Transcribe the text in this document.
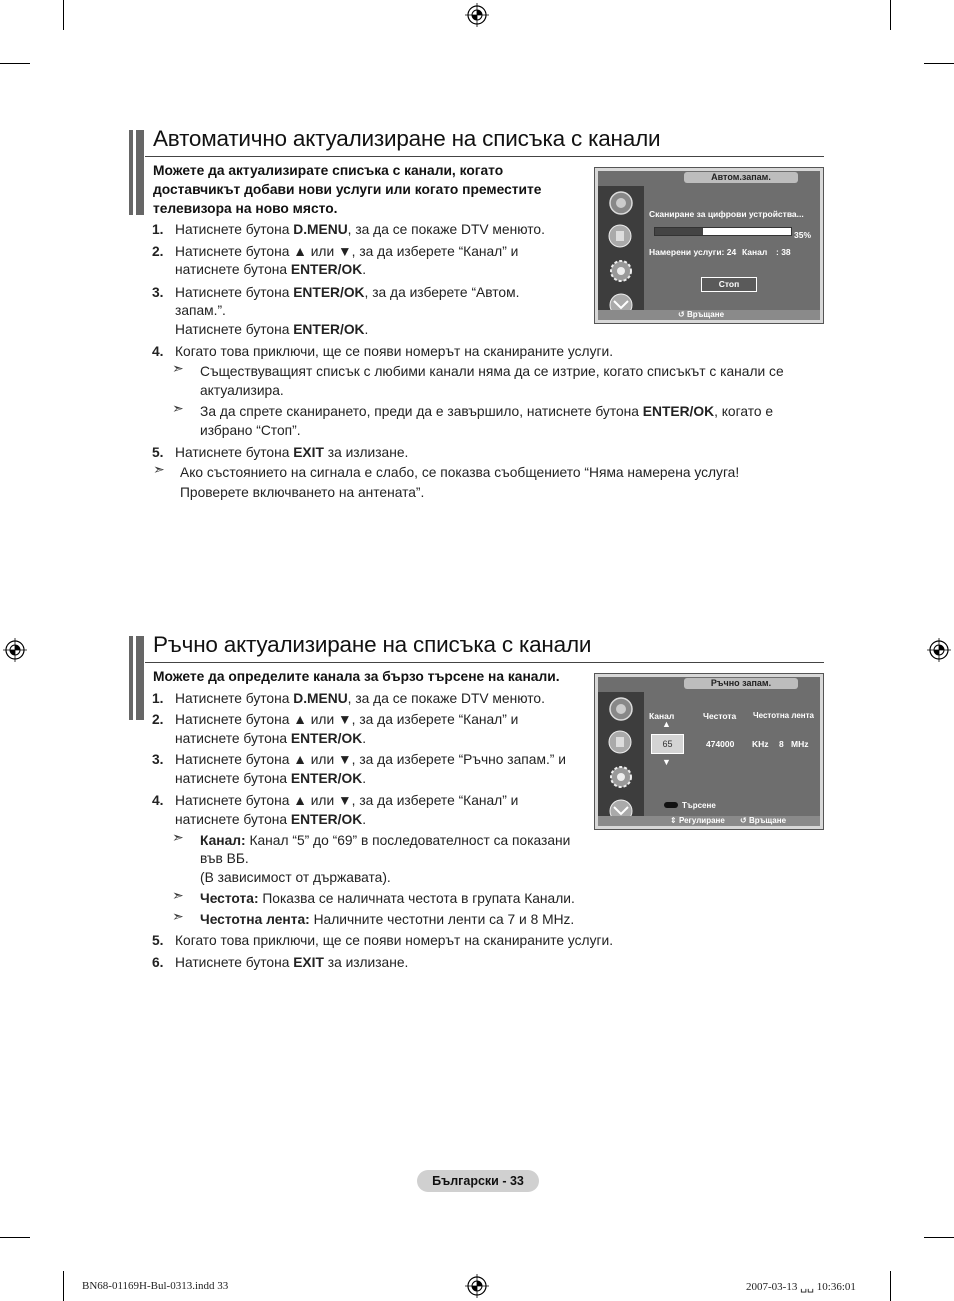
Автоматично актуализиране на списъка с канали
Можете да актуализирате списъка с канали, когато
доставчикът добави нови услуги или когато преместите
телевизора на ново място.
1. Натиснете бутона D.MENU, за да се покаже DTV менюто.
2. Натиснете бутона ▲ или ▼, за да изберете “Канал” и
натиснете бутона ENTER/OK.
3. Натиснете бутона ENTER/OK, за да изберете “Автом.
запам.”.
Натиснете бутона ENTER/OK.
4. Когато това приключи, ще се появи номерът на сканираните услуги.
➣ Съществуващият списък с любими канали няма да се изтрие, когато списъкът с канали се
актуализира.
➣ За да спрете сканирането, преди да е завършило, натиснете бутона ENTER/OK, когато е
избрано “Стоп”.
5. Натиснете бутона EXIT за излизане.
➣ Ако състоянието на сигнала е слабо, се показва съобщението “Няма намерена услуга!
Проверете включването на антената”.
Автом.запам.
Сканиране за цифрови устройства...
35%
Намерени услуги: 24 Канал : 38
Стоп
↺ Връщане
Ръчно актуализиране на списъка с канали
Можете да определите канала за бързо търсене на канали.
1. Натиснете бутона D.MENU, за да се покаже DTV менюто.
2. Натиснете бутона ▲ или ▼, за да изберете “Канал” и
натиснете бутона ENTER/OK.
3. Натиснете бутона ▲ или ▼, за да изберете “Ръчно запам.” и
натиснете бутона ENTER/OK.
4. Натиснете бутона ▲ или ▼, за да изберете “Канал” и
натиснете бутона ENTER/OK.
➣ Канал: Канал “5” до “69” в последователност са показани
във ВБ.
(В зависимост от държавата).
➣ Честота: Показва се наличната честота в групата Канали.
➣ Честотна лента: Наличните честотни ленти са 7 и 8 MHz.
5. Когато това приключи, ще се появи номерът на сканираните услуги.
6. Натиснете бутона EXIT за излизане.
Ръчно запам.
Канал	Честота Честотна лента
▲
65
▼
474000 KHz 8 MHz
Търсене
⇕ Регулиране ↺ Връщане
Български - 33
BN68-01169H-Bul-0313.indd 33	2007-03-13 ␣␣ 10:36:01
